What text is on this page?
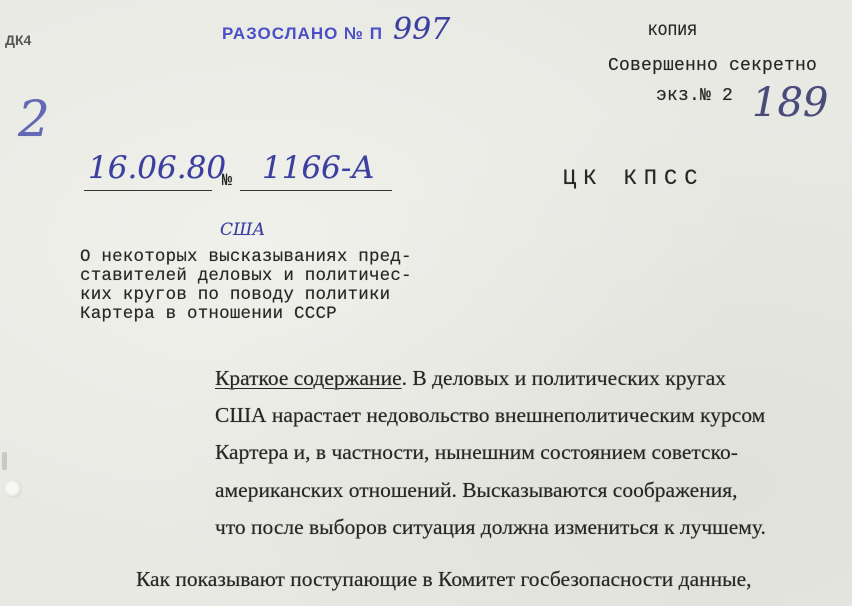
ДК4	РАЗОСЛАНО № П 997	КОПИЯ
Совершенно секретно
экз.№ 2 189
2
16.06.80
№ 1166-А	ЦК КПСС
США
О некоторых высказываниях пред-
ставителей деловых и политичес-
ких кругов по поводу политики
Картера в отношении СССР
Краткое содержание. В деловых и политических кругах
США нарастает недовольство внешнеполитическим курсом
Картера и, в частности, нынешним состоянием советско-
американских отношений. Высказываются соображения,
что после выборов ситуация должна измениться к лучшему.
Как показывают поступающие в Комитет госбезопасности данные,
